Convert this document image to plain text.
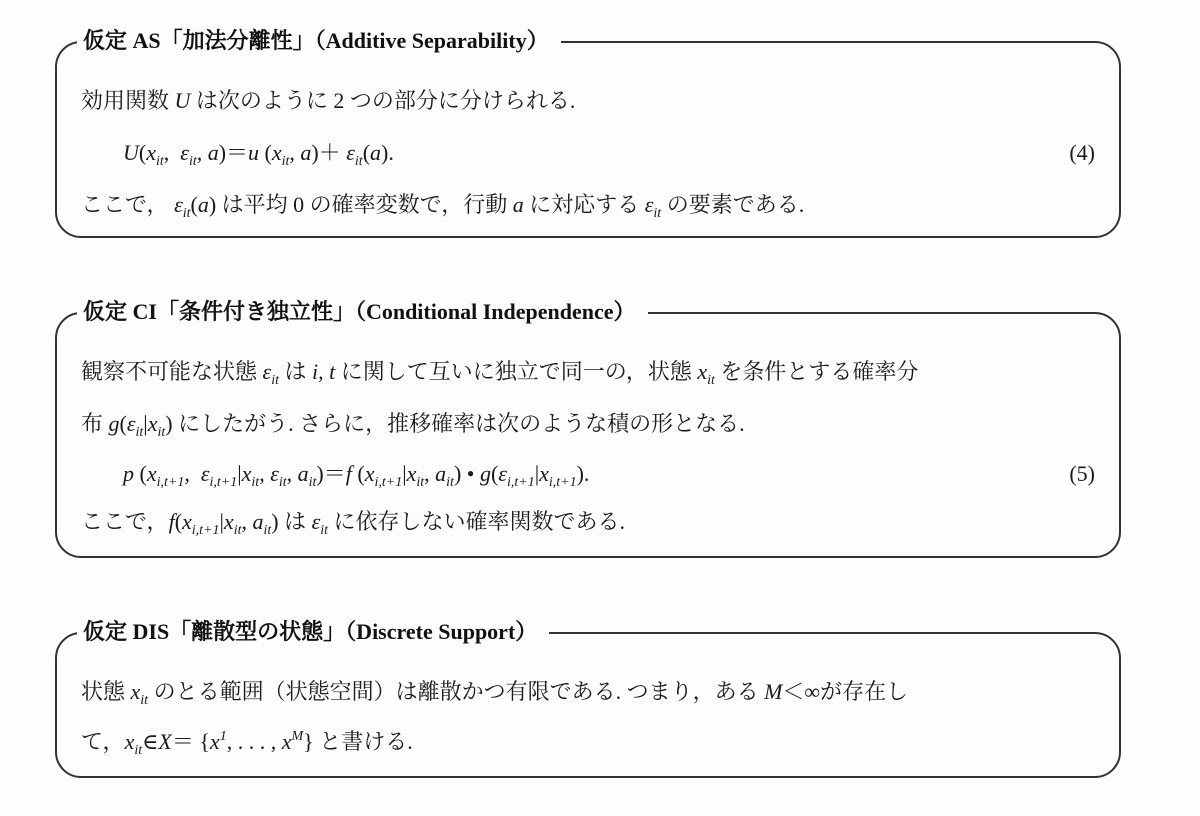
仮定 AS「加法分離性」（Additive Separability）
効用関数 U は次のように 2 つの部分に分けられる.
$U(x_{it}$,  $\varepsilon_{it}$, a)＝u ($x_{it}$, $a)+ \varepsilon_{it}(a)$.	(4)
ここで， $\varepsilon_{it}(a)$ は平均 0 の確率変数で，行動 a に対応する $\varepsilon_{it}$ の要素である.
仮定 CI「条件付き独立性」（Conditional Independence）
観察不可能な状態 $\varepsilon_{it}$ は i, t に関して互いに独立で同一の，状態 $x_{it}$ を条件とする確率分
布 $g(\varepsilon_{it}|x_{it})$ にしたがう. さらに，推移確率は次のような積の形となる.
p ($x_{i,t+1}$,  $\varepsilon_{i,t+1}|x_{it}$, $\varepsilon_{it}$, $a_{it})=f$ ($x_{i,t+1}|x_{it}$, $a_{it}$) • $g(\varepsilon_{i,t+1}|x_{i,t+1})$.	(5)
ここで，$f(x_{i,t+1}|x_{it}$, $a_{it}$) は $\varepsilon_{it}$ に依存しない確率関数である.
仮定 DIS「離散型の状態」（Discrete Support）
状態 $x_{it}$ のとる範囲（状態空間）は離散かつ有限である. つまり，ある M＜∞が存在し
て，$x_{it}\in X= \{x^1$, . . . , $x^M$} と書ける.
